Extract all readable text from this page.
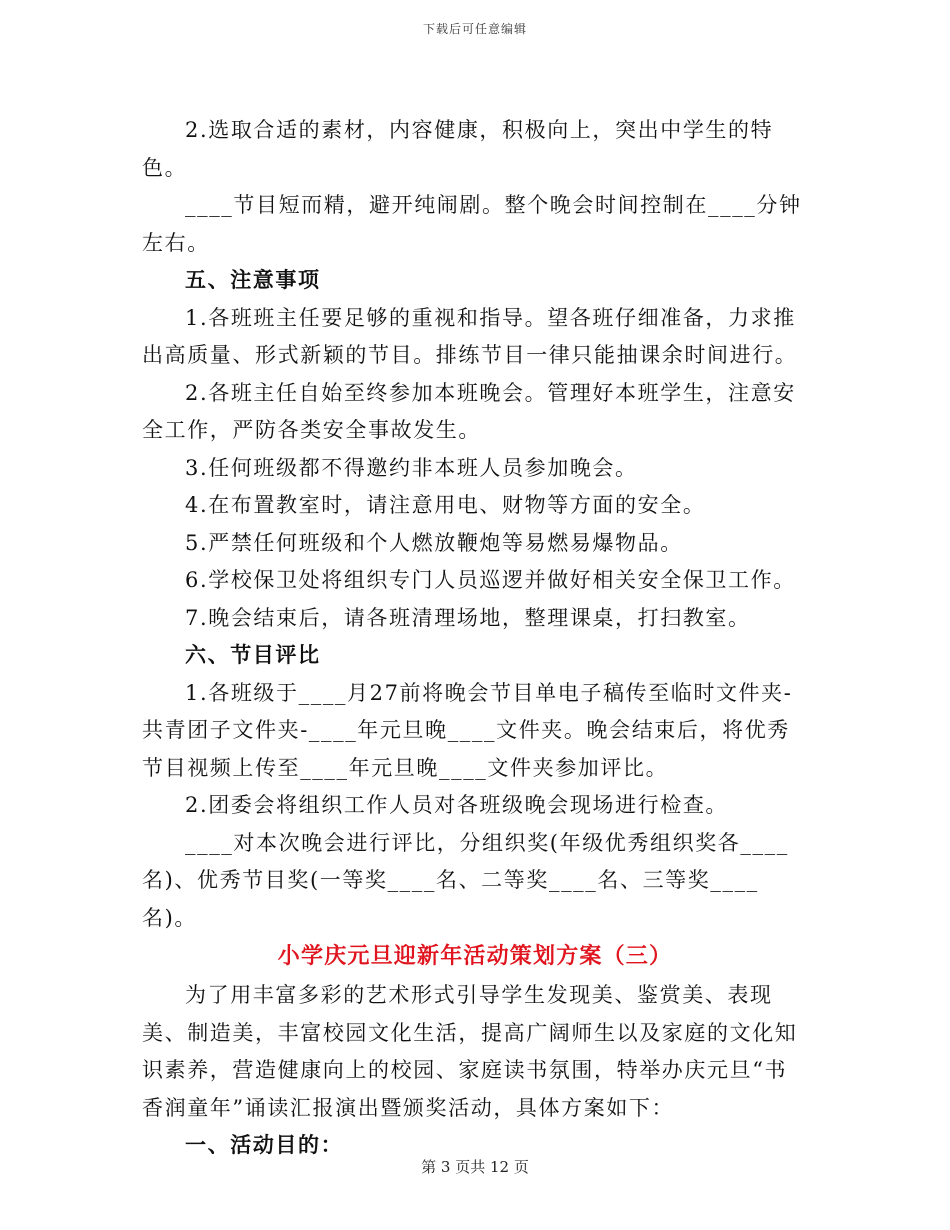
下载后可任意编辑

2.选取合适的素材，内容健康，积极向上，突出中学生的特色。

____节目短而精，避开纯闹剧。整个晚会时间控制在____分钟左右。

五、注意事项

1.各班班主任要足够的重视和指导。望各班仔细准备，力求推出高质量、形式新颖的节目。排练节目一律只能抽课余时间进行。

2.各班主任自始至终参加本班晚会。管理好本班学生，注意安全工作，严防各类安全事故发生。

3.任何班级都不得邀约非本班人员参加晚会。

4.在布置教室时，请注意用电、财物等方面的安全。

5.严禁任何班级和个人燃放鞭炮等易燃易爆物品。

6.学校保卫处将组织专门人员巡逻并做好相关安全保卫工作。

7.晚会结束后，请各班清理场地，整理课桌，打扫教室。

六、节目评比

1.各班级于____月27前将晚会节目单电子稿传至临时文件夹-共青团子文件夹-____年元旦晚____文件夹。晚会结束后，将优秀节目视频上传至____年元旦晚____文件夹参加评比。

2.团委会将组织工作人员对各班级晚会现场进行检查。

____对本次晚会进行评比，分组织奖(年级优秀组织奖各____名)、优秀节目奖(一等奖____名、二等奖____名、三等奖____名)。

小学庆元旦迎新年活动策划方案（三）

为了用丰富多彩的艺术形式引导学生发现美、鉴赏美、表现美、制造美，丰富校园文化生活，提高广阔师生以及家庭的文化知识素养，营造健康向上的校园、家庭读书氛围，特举办庆元旦“书香润童年”诵读汇报演出暨颁奖活动，具体方案如下：

一、活动目的：

第 3 页共 12 页
